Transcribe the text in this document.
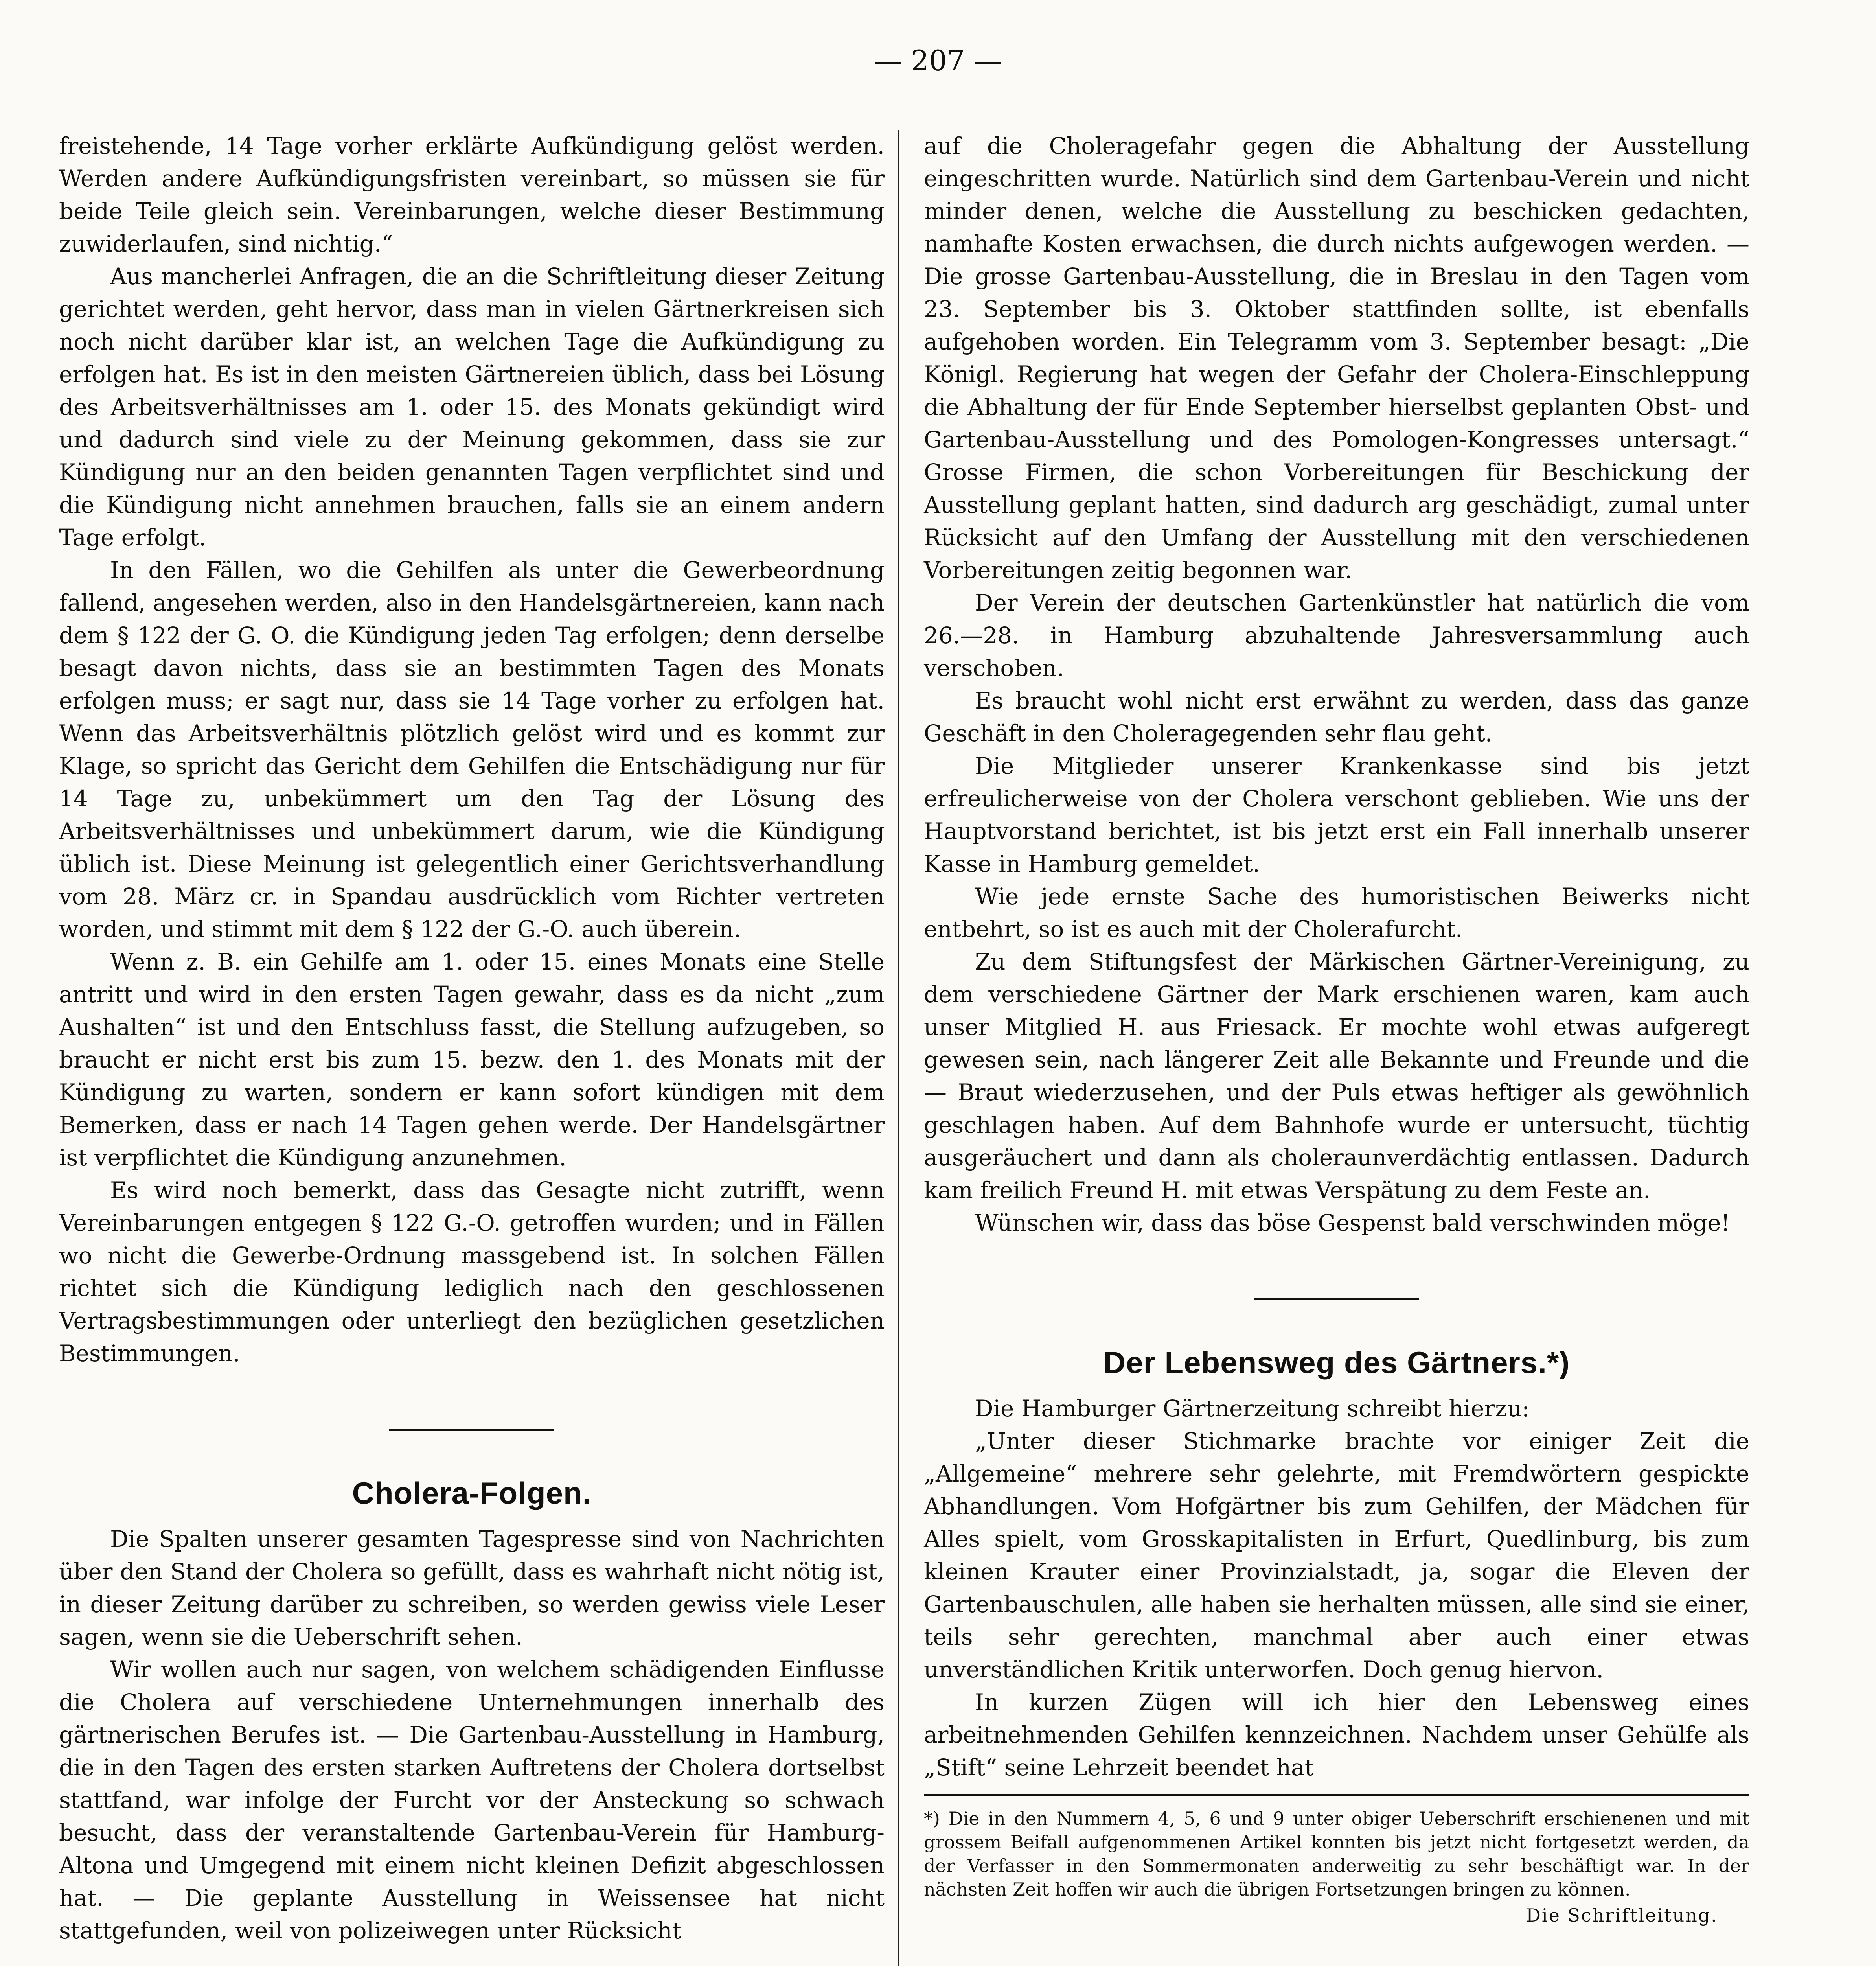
— 207 —

freistehende, 14 Tage vorher erklärte Aufkündigung gelöst werden. Werden andere Aufkündigungsfristen vereinbart, so müssen sie für beide Teile gleich sein. Vereinbarungen, welche dieser Bestimmung zuwiderlaufen, sind nichtig.“

Aus mancherlei Anfragen, die an die Schriftleitung dieser Zeitung gerichtet werden, geht hervor, dass man in vielen Gärtnerkreisen sich noch nicht darüber klar ist, an welchen Tage die Aufkündigung zu erfolgen hat. Es ist in den meisten Gärtnereien üblich, dass bei Lösung des Arbeitsverhältnisses am 1. oder 15. des Monats gekündigt wird und dadurch sind viele zu der Meinung gekommen, dass sie zur Kündigung nur an den beiden genannten Tagen verpflichtet sind und die Kündigung nicht annehmen brauchen, falls sie an einem andern Tage erfolgt.

In den Fällen, wo die Gehilfen als unter die Gewerbeordnung fallend, angesehen werden, also in den Handelsgärtnereien, kann nach dem § 122 der G. O. die Kündigung jeden Tag erfolgen; denn derselbe besagt davon nichts, dass sie an bestimmten Tagen des Monats erfolgen muss; er sagt nur, dass sie 14 Tage vorher zu erfolgen hat. Wenn das Arbeitsverhältnis plötzlich gelöst wird und es kommt zur Klage, so spricht das Gericht dem Gehilfen die Entschädigung nur für 14 Tage zu, unbekümmert um den Tag der Lösung des Arbeitsverhältnisses und unbekümmert darum, wie die Kündigung üblich ist. Diese Meinung ist gelegentlich einer Gerichtsverhandlung vom 28. März cr. in Spandau ausdrücklich vom Richter vertreten worden, und stimmt mit dem § 122 der G.-O. auch überein.

Wenn z. B. ein Gehilfe am 1. oder 15. eines Monats eine Stelle antritt und wird in den ersten Tagen gewahr, dass es da nicht „zum Aushalten“ ist und den Entschluss fasst, die Stellung aufzugeben, so braucht er nicht erst bis zum 15. bezw. den 1. des Monats mit der Kündigung zu warten, sondern er kann sofort kündigen mit dem Bemerken, dass er nach 14 Tagen gehen werde. Der Handelsgärtner ist verpflichtet die Kündigung anzunehmen.

Es wird noch bemerkt, dass das Gesagte nicht zutrifft, wenn Vereinbarungen entgegen § 122 G.-O. getroffen wurden; und in Fällen wo nicht die Gewerbe-Ordnung massgebend ist. In solchen Fällen richtet sich die Kündigung lediglich nach den geschlossenen Vertragsbestimmungen oder unterliegt den bezüglichen gesetzlichen Bestimmungen.

Cholera-Folgen.

Die Spalten unserer gesamten Tagespresse sind von Nachrichten über den Stand der Cholera so gefüllt, dass es wahrhaft nicht nötig ist, in dieser Zeitung darüber zu schreiben, so werden gewiss viele Leser sagen, wenn sie die Ueberschrift sehen.

Wir wollen auch nur sagen, von welchem schädigenden Einflusse die Cholera auf verschiedene Unternehmungen innerhalb des gärtnerischen Berufes ist. — Die Gartenbau-Ausstellung in Hamburg, die in den Tagen des ersten starken Auftretens der Cholera dortselbst stattfand, war infolge der Furcht vor der Ansteckung so schwach besucht, dass der veranstaltende Gartenbau-Verein für Hamburg-Altona und Umgegend mit einem nicht kleinen Defizit abgeschlossen hat. — Die geplante Ausstellung in Weissensee hat nicht stattgefunden, weil von polizeiwegen unter Rücksicht

auf die Choleragefahr gegen die Abhaltung der Ausstellung eingeschritten wurde. Natürlich sind dem Gartenbau-Verein und nicht minder denen, welche die Ausstellung zu beschicken gedachten, namhafte Kosten erwachsen, die durch nichts aufgewogen werden. — Die grosse Gartenbau-Ausstellung, die in Breslau in den Tagen vom 23. September bis 3. Oktober stattfinden sollte, ist ebenfalls aufgehoben worden. Ein Telegramm vom 3. September besagt: „Die Königl. Regierung hat wegen der Gefahr der Cholera-Einschleppung die Abhaltung der für Ende September hierselbst geplanten Obst- und Gartenbau-Ausstellung und des Pomologen-Kongresses untersagt.“ Grosse Firmen, die schon Vorbereitungen für Beschickung der Ausstellung geplant hatten, sind dadurch arg geschädigt, zumal unter Rücksicht auf den Umfang der Ausstellung mit den verschiedenen Vorbereitungen zeitig begonnen war.

Der Verein der deutschen Gartenkünstler hat natürlich die vom 26.—28. in Hamburg abzuhaltende Jahresversammlung auch verschoben.

Es braucht wohl nicht erst erwähnt zu werden, dass das ganze Geschäft in den Choleragegenden sehr flau geht.

Die Mitglieder unserer Krankenkasse sind bis jetzt erfreulicherweise von der Cholera verschont geblieben. Wie uns der Hauptvorstand berichtet, ist bis jetzt erst ein Fall innerhalb unserer Kasse in Hamburg gemeldet.

Wie jede ernste Sache des humoristischen Beiwerks nicht entbehrt, so ist es auch mit der Cholerafurcht.

Zu dem Stiftungsfest der Märkischen Gärtner-Vereinigung, zu dem verschiedene Gärtner der Mark erschienen waren, kam auch unser Mitglied H. aus Friesack. Er mochte wohl etwas aufgeregt gewesen sein, nach längerer Zeit alle Bekannte und Freunde und die — Braut wiederzusehen, und der Puls etwas heftiger als gewöhnlich geschlagen haben. Auf dem Bahnhofe wurde er untersucht, tüchtig ausgeräuchert und dann als choleraunverdächtig entlassen. Dadurch kam freilich Freund H. mit etwas Verspätung zu dem Feste an.

Wünschen wir, dass das böse Gespenst bald verschwinden möge!

Der Lebensweg des Gärtners.*)

Die Hamburger Gärtnerzeitung schreibt hierzu:

„Unter dieser Stichmarke brachte vor einiger Zeit die „Allgemeine“ mehrere sehr gelehrte, mit Fremdwörtern gespickte Abhandlungen. Vom Hofgärtner bis zum Gehilfen, der Mädchen für Alles spielt, vom Grosskapitalisten in Erfurt, Quedlinburg, bis zum kleinen Krauter einer Provinzialstadt, ja, sogar die Eleven der Gartenbauschulen, alle haben sie herhalten müssen, alle sind sie einer, teils sehr gerechten, manchmal aber auch einer etwas unverständlichen Kritik unterworfen. Doch genug hiervon.

In kurzen Zügen will ich hier den Lebensweg eines arbeitnehmenden Gehilfen kennzeichnen. Nachdem unser Gehülfe als „Stift“ seine Lehrzeit beendet hat

*) Die in den Nummern 4, 5, 6 und 9 unter obiger Ueberschrift erschienenen und mit grossem Beifall aufgenommenen Artikel konnten bis jetzt nicht fortgesetzt werden, da der Verfasser in den Sommermonaten anderweitig zu sehr beschäftigt war. In der nächsten Zeit hoffen wir auch die übrigen Fortsetzungen bringen zu können.

Die Schriftleitung.
